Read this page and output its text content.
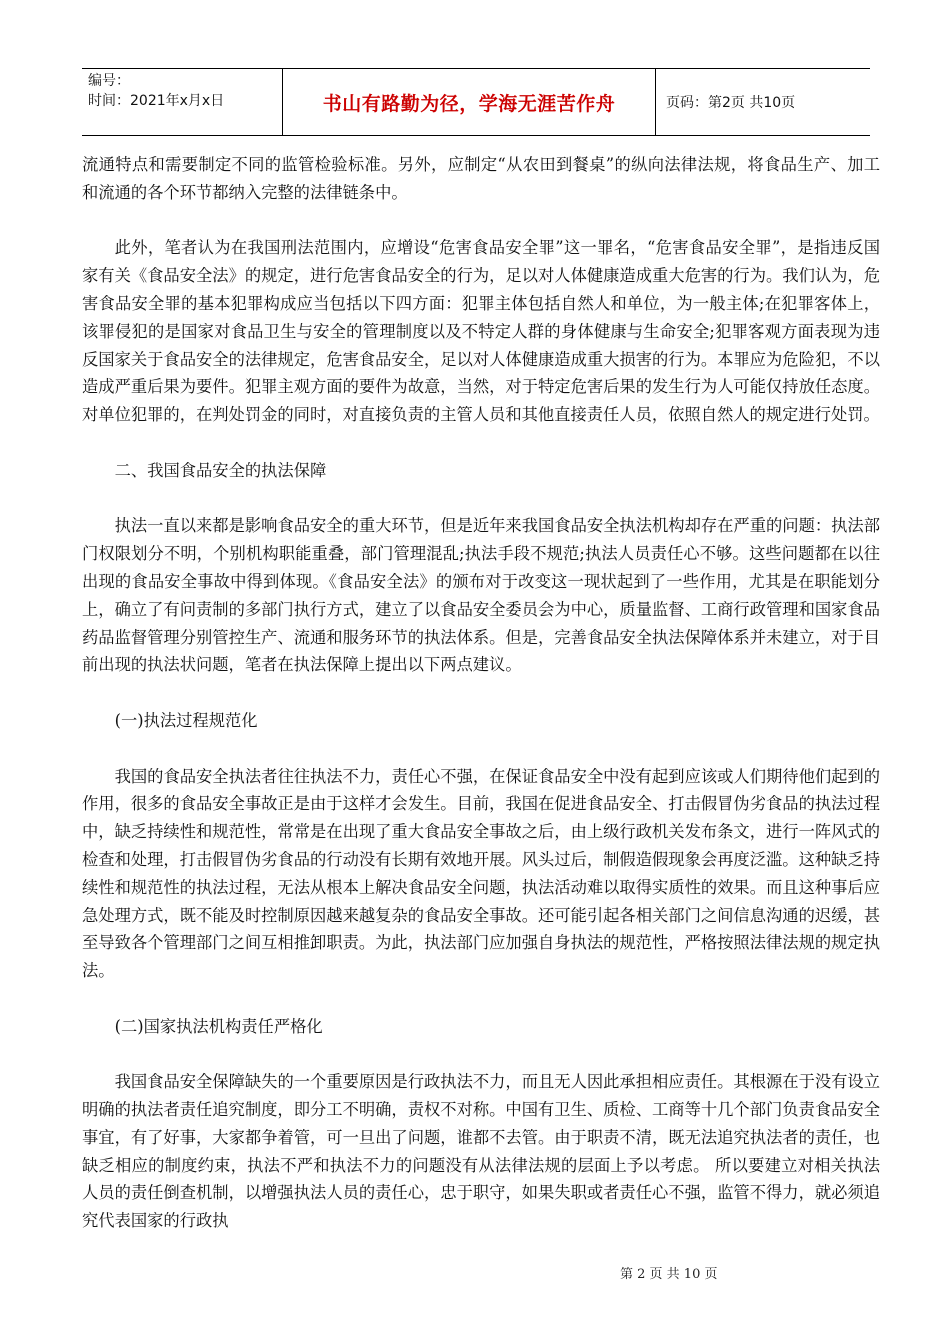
编号：
时间：2021年x月x日	书山有路勤为径，学海无涯苦作舟	页码：第2页 共10页

流通特点和需要制定不同的监管检验标准。另外，应制定“从农田到餐桌”的纵向法律法规，将食品生产、加工和流通的各个环节都纳入完整的法律链条中。

此外，笔者认为在我国刑法范围内，应增设“危害食品安全罪”这一罪名，“危害食品安全罪”，是指违反国家有关《食品安全法》的规定，进行危害食品安全的行为，足以对人体健康造成重大危害的行为。我们认为，危害食品安全罪的基本犯罪构成应当包括以下四方面：犯罪主体包括自然人和单位，为一般主体;在犯罪客体上，该罪侵犯的是国家对食品卫生与安全的管理制度以及不特定人群的身体健康与生命安全;犯罪客观方面表现为违反国家关于食品安全的法律规定，危害食品安全，足以对人体健康造成重大损害的行为。本罪应为危险犯，不以造成严重后果为要件。犯罪主观方面的要件为故意，当然，对于特定危害后果的发生行为人可能仅持放任态度。对单位犯罪的，在判处罚金的同时，对直接负责的主管人员和其他直接责任人员，依照自然人的规定进行处罚。

二、我国食品安全的执法保障

执法一直以来都是影响食品安全的重大环节，但是近年来我国食品安全执法机构却存在严重的问题：执法部门权限划分不明，个别机构职能重叠，部门管理混乱;执法手段不规范;执法人员责任心不够。这些问题都在以往出现的食品安全事故中得到体现。《食品安全法》的颁布对于改变这一现状起到了一些作用，尤其是在职能划分上，确立了有问责制的多部门执行方式，建立了以食品安全委员会为中心，质量监督、工商行政管理和国家食品药品监督管理分别管控生产、流通和服务环节的执法体系。但是，完善食品安全执法保障体系并未建立，对于目前出现的执法状问题，笔者在执法保障上提出以下两点建议。

(一)执法过程规范化

我国的食品安全执法者往往执法不力，责任心不强，在保证食品安全中没有起到应该或人们期待他们起到的作用，很多的食品安全事故正是由于这样才会发生。目前，我国在促进食品安全、打击假冒伪劣食品的执法过程中，缺乏持续性和规范性，常常是在出现了重大食品安全事故之后，由上级行政机关发布条文，进行一阵风式的检查和处理，打击假冒伪劣食品的行动没有长期有效地开展。风头过后，制假造假现象会再度泛滥。这种缺乏持续性和规范性的执法过程，无法从根本上解决食品安全问题，执法活动难以取得实质性的效果。而且这种事后应急处理方式，既不能及时控制原因越来越复杂的食品安全事故。还可能引起各相关部门之间信息沟通的迟缓，甚至导致各个管理部门之间互相推卸职责。为此，执法部门应加强自身执法的规范性，严格按照法律法规的规定执法。

(二)国家执法机构责任严格化

我国食品安全保障缺失的一个重要原因是行政执法不力，而且无人因此承担相应责任。其根源在于没有设立明确的执法者责任追究制度，即分工不明确，责权不对称。中国有卫生、质检、工商等十几个部门负责食品安全事宜，有了好事，大家都争着管，可一旦出了问题，谁都不去管。由于职责不清，既无法追究执法者的责任，也缺乏相应的制度约束，执法不严和执法不力的问题没有从法律法规的层面上予以考虑。 所以要建立对相关执法人员的责任倒查机制，以增强执法人员的责任心，忠于职守，如果失职或者责任心不强，监管不得力，就必须追究代表国家的行政执

第 2 页 共 10 页
